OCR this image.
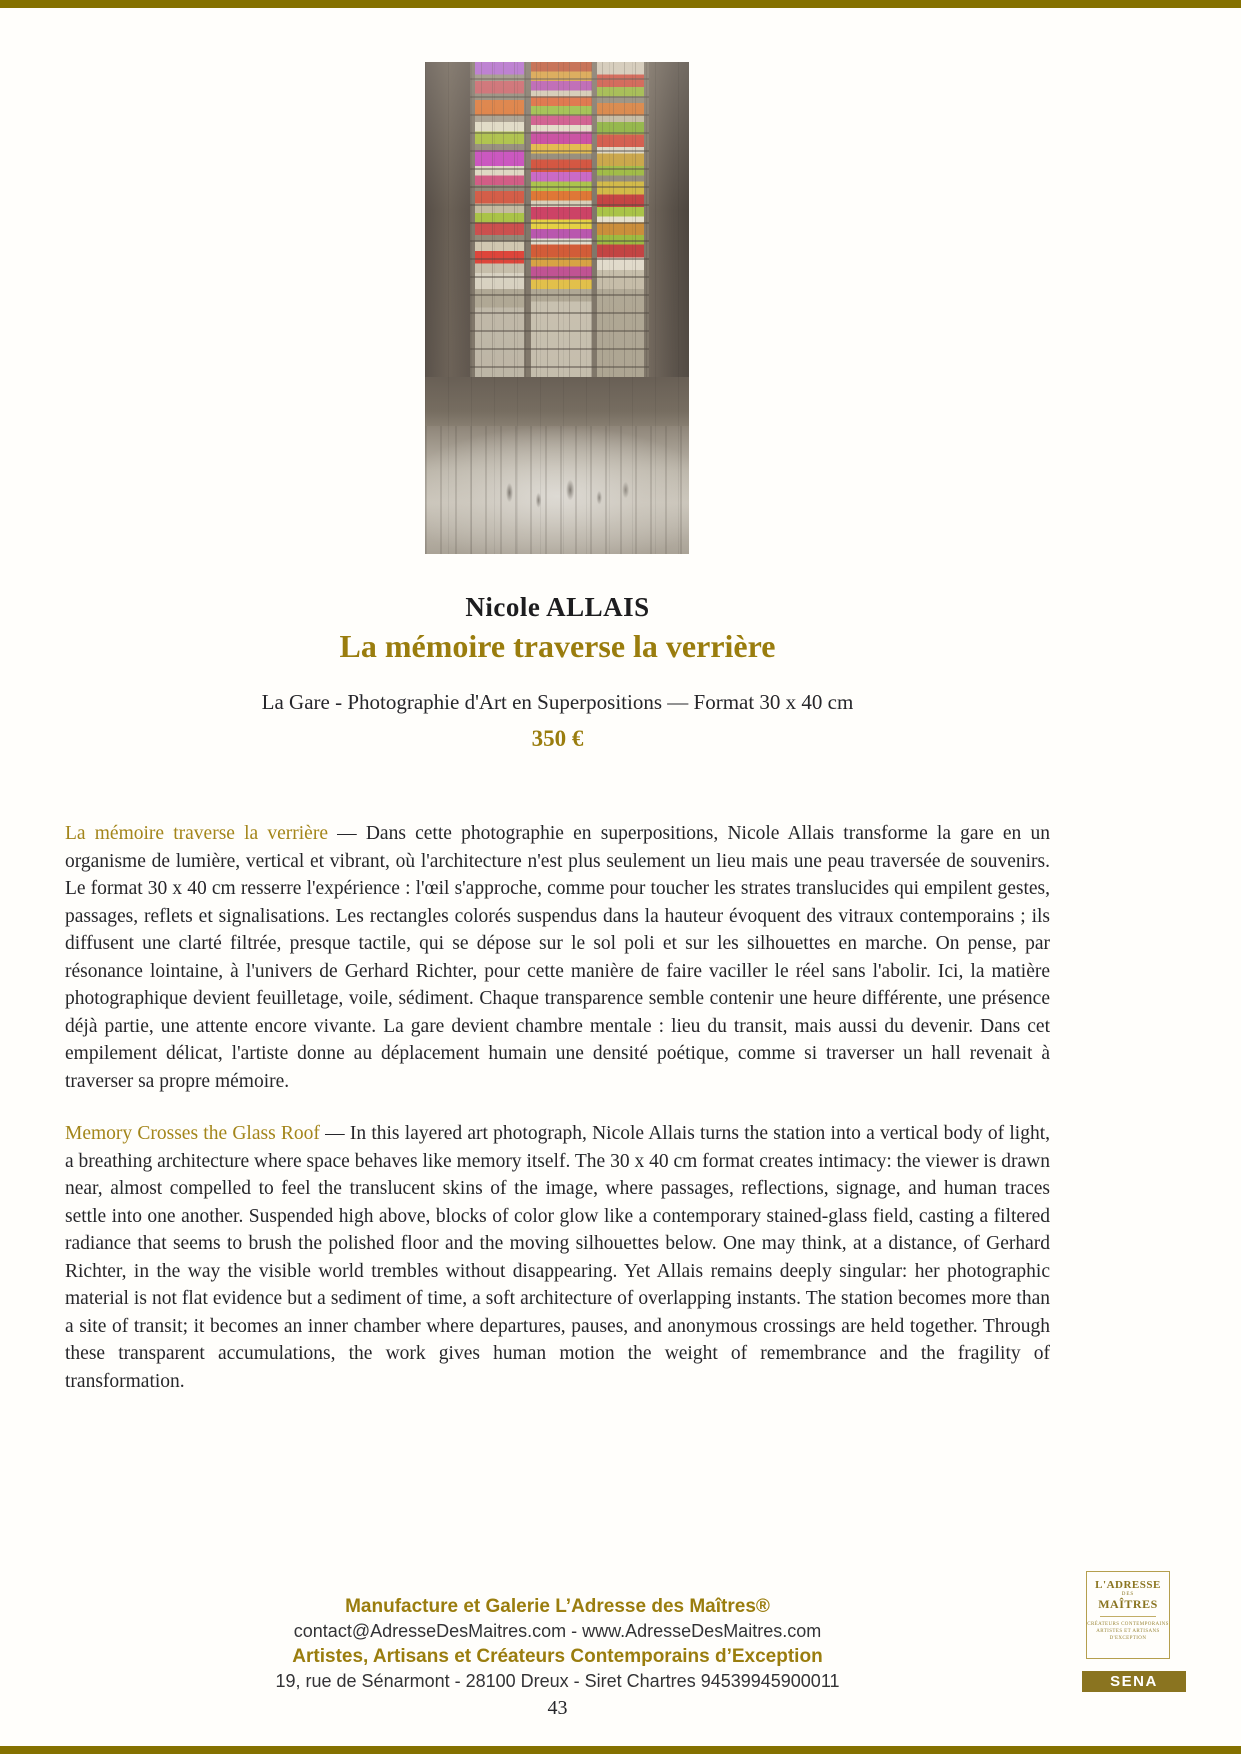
Nicole ALLAIS
La mémoire traverse la verrière
La Gare - Photographie d'Art en Superpositions — Format 30 x 40 cm
350 €

La mémoire traverse la verrière — Dans cette photographie en superpositions, Nicole Allais transforme la gare en un organisme de lumière, vertical et vibrant, où l'architecture n'est plus seulement un lieu mais une peau traversée de souvenirs. Le format 30 x 40 cm resserre l'expérience : l'œil s'approche, comme pour toucher les strates translucides qui empilent gestes, passages, reflets et signalisations. Les rectangles colorés suspendus dans la hauteur évoquent des vitraux contemporains ; ils diffusent une clarté filtrée, presque tactile, qui se dépose sur le sol poli et sur les silhouettes en marche. On pense, par résonance lointaine, à l'univers de Gerhard Richter, pour cette manière de faire vaciller le réel sans l'abolir. Ici, la matière photographique devient feuilletage, voile, sédiment. Chaque transparence semble contenir une heure différente, une présence déjà partie, une attente encore vivante. La gare devient chambre mentale : lieu du transit, mais aussi du devenir. Dans cet empilement délicat, l'artiste donne au déplacement humain une densité poétique, comme si traverser un hall revenait à traverser sa propre mémoire.

Memory Crosses the Glass Roof — In this layered art photograph, Nicole Allais turns the station into a vertical body of light, a breathing architecture where space behaves like memory itself. The 30 x 40 cm format creates intimacy: the viewer is drawn near, almost compelled to feel the translucent skins of the image, where passages, reflections, signage, and human traces settle into one another. Suspended high above, blocks of color glow like a contemporary stained-glass field, casting a filtered radiance that seems to brush the polished floor and the moving silhouettes below. One may think, at a distance, of Gerhard Richter, in the way the visible world trembles without disappearing. Yet Allais remains deeply singular: her photographic material is not flat evidence but a sediment of time, a soft architecture of overlapping instants. The station becomes more than a site of transit; it becomes an inner chamber where departures, pauses, and anonymous crossings are held together. Through these transparent accumulations, the work gives human motion the weight of remembrance and the fragility of transformation.

Manufacture et Galerie L’Adresse des Maîtres®
contact@AdresseDesMaitres.com - www.AdresseDesMaitres.com
Artistes, Artisans et Créateurs Contemporains d’Exception
19, rue de Sénarmont - 28100 Dreux - Siret Chartres 94539945900011
43
L'ADRESSE
DES
MAÎTRES
CRÉATEURS CONTEMPORAINS
ARTISTES ET ARTISANS
D'EXCEPTION
SENA
